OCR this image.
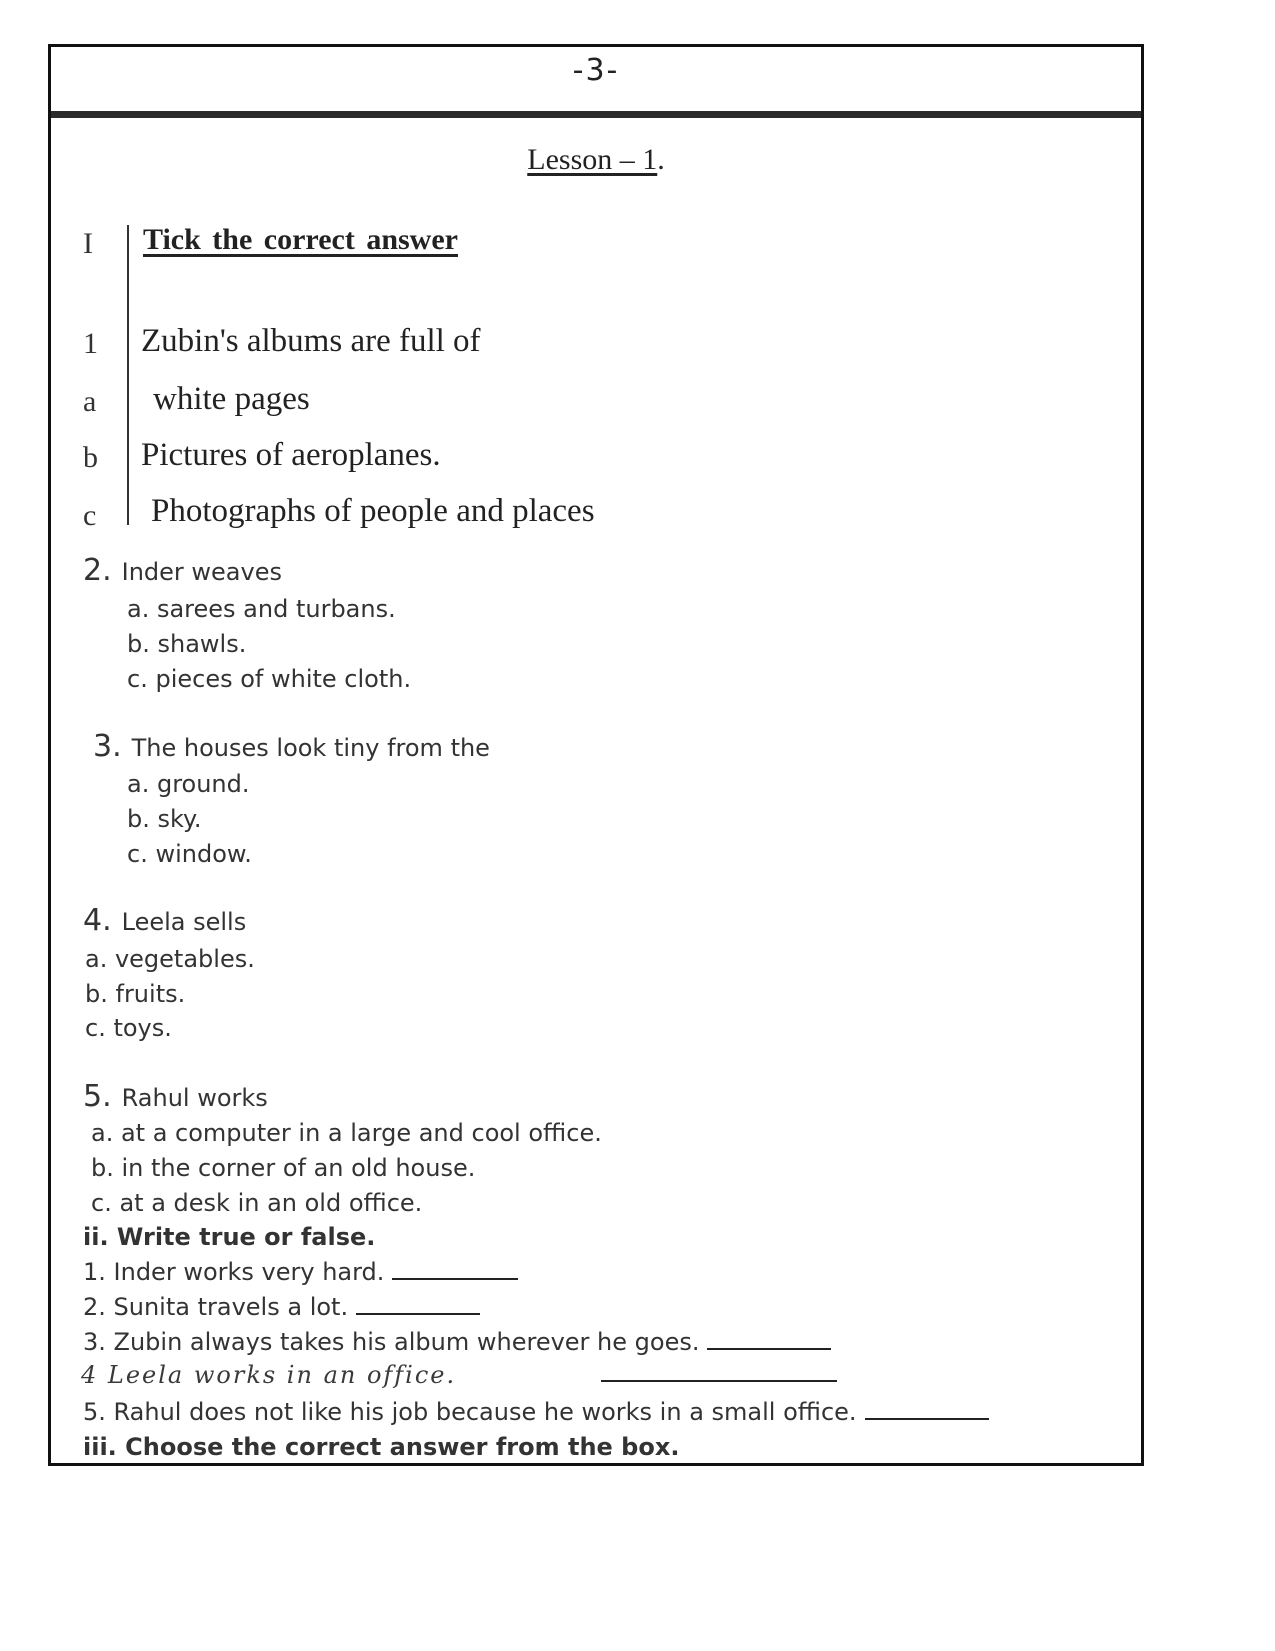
-3-
Lesson – 1.
I	Tick the correct answer
1	Zubin's albums are full of
a	white pages
b	Pictures of aeroplanes.
c	Photographs of people and places
2. Inder weaves
a. sarees and turbans.
b. shawls.
c. pieces of white cloth.
3. The houses look tiny from the
a. ground.
b. sky.
c. window.
4. Leela sells
a. vegetables.
b. fruits.
c. toys.
5. Rahul works
a. at a computer in a large and cool office.
b. in the corner of an old house.
c. at a desk in an old office.
ii. Write true or false.
1. Inder works very hard.
2. Sunita travels a lot.
3. Zubin always takes his album wherever he goes.
4 Leela works in an office.
5. Rahul does not like his job because he works in a small office.
iii. Choose the correct answer from the box.
